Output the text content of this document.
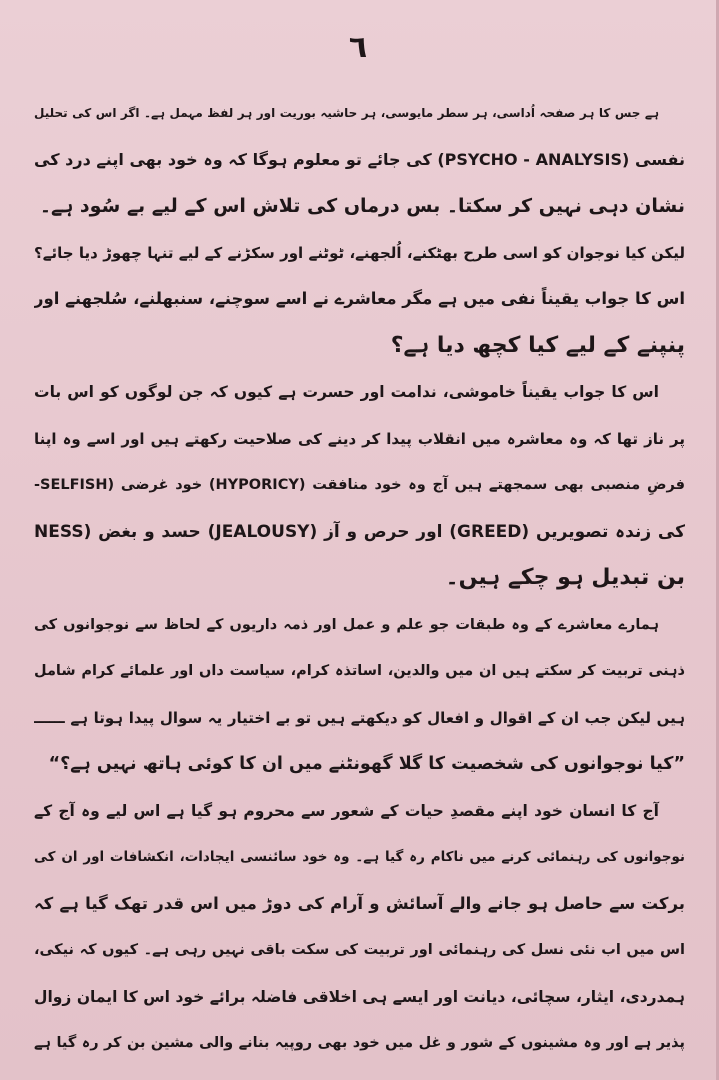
٦
ہے جس کا ہر صفحہ اُداسی، ہر سطر مایوسی، ہر حاشیہ بوریت اور ہر لفظ مہمل ہے۔ اگر اس کی تحلیل
نفسی (PSYCHO - ANALYSIS) کی جائے تو معلوم ہوگا کہ وہ خود بھی اپنے درد کی
نشان دہی نہیں کر سکتا۔ بس درماں کی تلاش اس کے لیے بے سُود ہے۔
لیکن کیا نوجوان کو اسی طرح بھٹکنے، اُلجھنے، ٹوٹنے اور سکڑنے کے لیے تنہا چھوڑ دیا جائے؟
اس کا جواب یقیناً نفی میں ہے مگر معاشرے نے اسے سوچنے، سنبھلنے، سُلجھنے اور
پنپنے کے لیے کیا کچھ دیا ہے؟
اس کا جواب یقیناً خاموشی، ندامت اور حسرت ہے کیوں کہ جن لوگوں کو اس بات
پر ناز تھا کہ وہ معاشرہ میں انقلاب پیدا کر دینے کی صلاحیت رکھتے ہیں اور اسے وہ اپنا
فرضِ منصبی بھی سمجھتے ہیں آج وہ خود منافقت (HYPORICY) خود غرضی (SELFISH-
NESS) حسد و بغض (JEALOUSY) اور حرص و آز (GREED) کی زندہ تصویریں
بن تبدیل ہو چکے ہیں۔
ہمارے معاشرے کے وہ طبقات جو علم و عمل اور ذمہ داریوں کے لحاظ سے نوجوانوں کی
ذہنی تربیت کر سکتے ہیں ان میں والدین، اساتذہ کرام، سیاست داں اور علمائے کرام شامل
ہیں لیکن جب ان کے اقوال و افعال کو دیکھتے ہیں تو بے اختیار یہ سوال پیدا ہوتا ہے ــــــ
”کیا نوجوانوں کی شخصیت کا گلا گھونٹنے میں ان کا کوئی ہاتھ نہیں ہے؟“
آج کا انسان خود اپنے مقصدِ حیات کے شعور سے محروم ہو گیا ہے اس لیے وہ آج کے
نوجوانوں کی رہنمائی کرنے میں ناکام رہ گیا ہے۔ وہ خود سائنسی ایجادات، انکشافات اور ان کی
برکت سے حاصل ہو جانے والے آسائش و آرام کی دوڑ میں اس قدر تھک گیا ہے کہ
اس میں اب نئی نسل کی رہنمائی اور تربیت کی سکت باقی نہیں رہی ہے۔ کیوں کہ نیکی،
ہمدردی، ایثار، سچائی، دیانت اور ایسے ہی اخلاقی فاضلہ برائے خود اس کا ایمان زوال
پذیر ہے اور وہ مشینوں کے شور و غل میں خود بھی روپیہ بنانے والی مشین بن کر رہ گیا ہے
